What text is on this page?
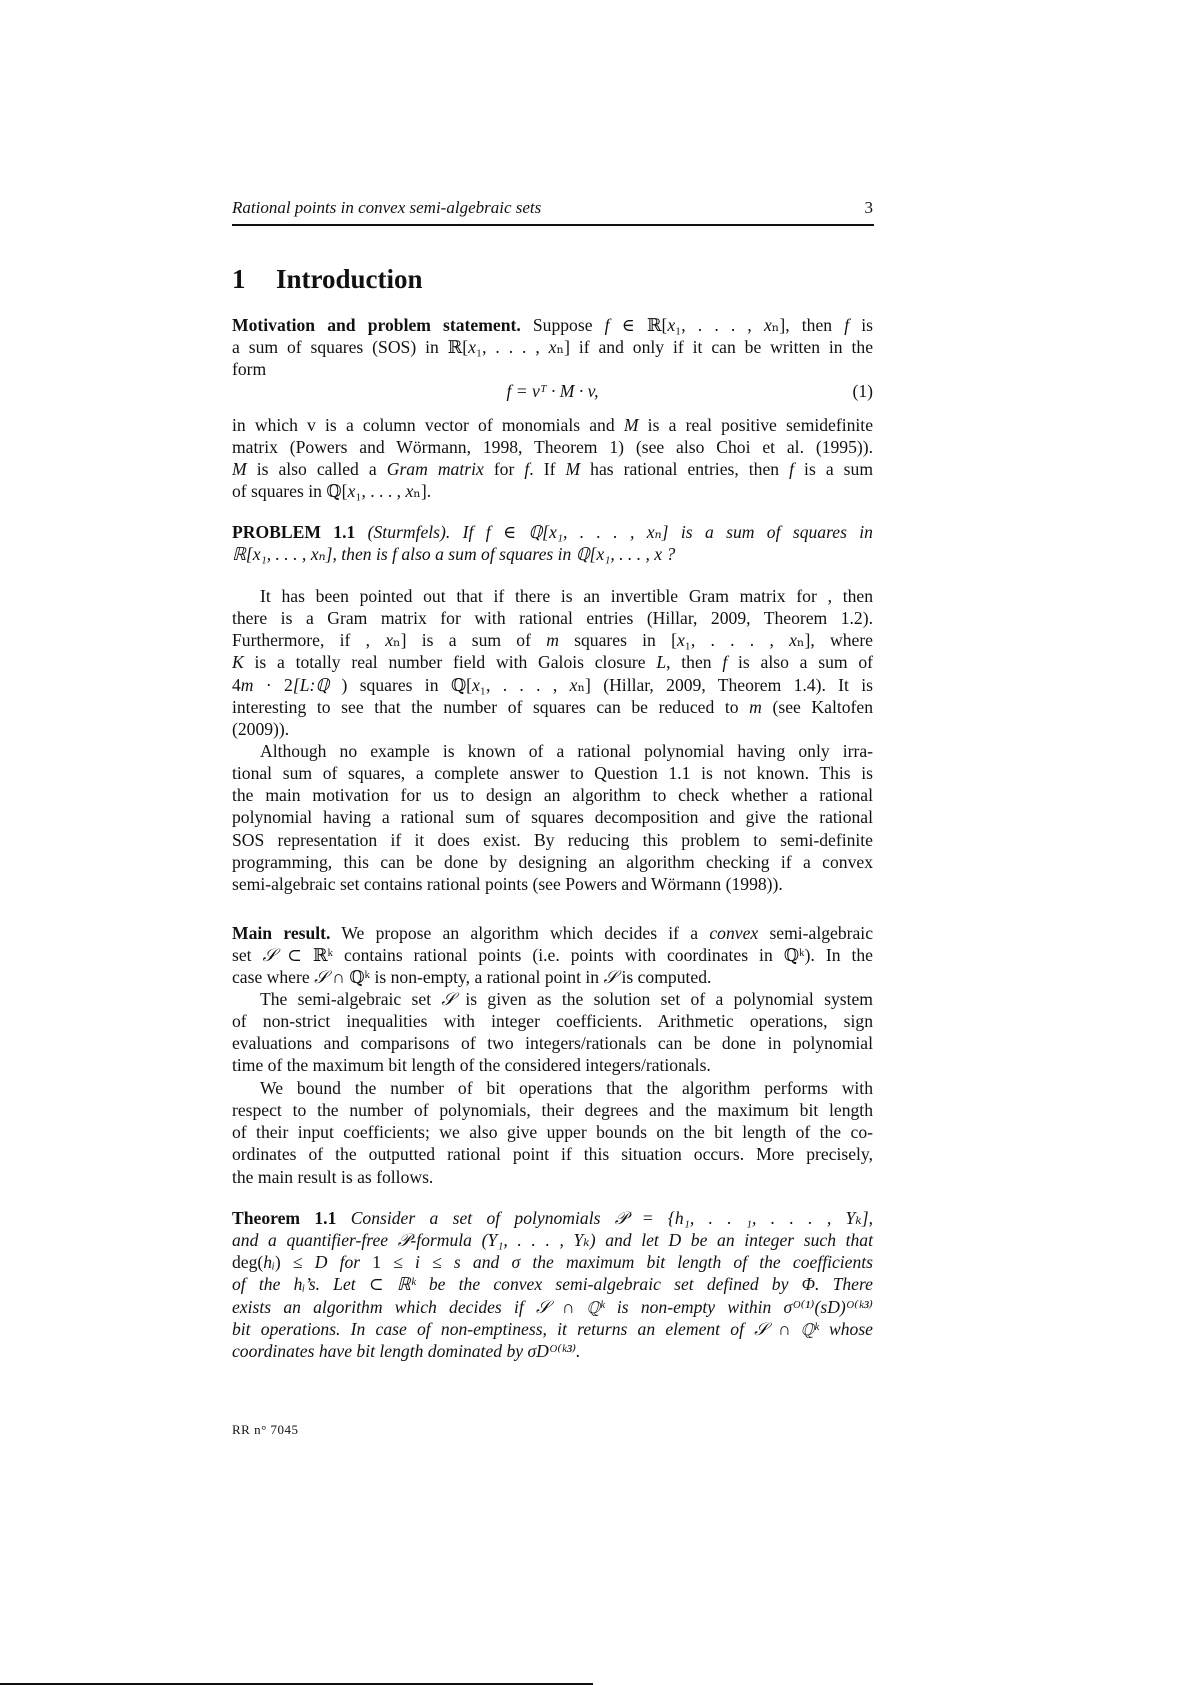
Rational points in convex semi-algebraic sets	3
1 Introduction
Motivation and problem statement. Suppose f ∈ ℝ[x₁, . . . , xₙ], then f is
a sum of squares (SOS) in ℝ[x₁, . . . , xₙ] if and only if it can be written in the
form
f = vᵀ · M · v,	(1)
in which v is a column vector of monomials and M is a real positive semidefinite
matrix (Powers and Wörmann, 1998, Theorem 1) (see also Choi et al. (1995)).
M is also called a Gram matrix for f. If M has rational entries, then f is a sum
of squares in ℚ[x₁, . . . , xₙ].
PROBLEM 1.1 (Sturmfels). If f ∈ ℚ[x₁, . . . , xₙ] is a sum of squares in
ℝ[x₁, . . . , xₙ], then is f also a sum of squares in ℚ[x₁, . . . , x ?
It has been pointed out that if there is an invertible Gram matrix for , then
there is a Gram matrix for with rational entries (Hillar, 2009, Theorem 1.2).
Furthermore, if , xₙ] is a sum of m squares in [x₁, . . . , xₙ], where
K is a totally real number field with Galois closure L, then f is also a sum of
4m · 2[L:ℚ ) squares in ℚ[x₁, . . . , xₙ] (Hillar, 2009, Theorem 1.4). It is
interesting to see that the number of squares can be reduced to m (see Kaltofen
(2009)).
Although no example is known of a rational polynomial having only irra-
tional sum of squares, a complete answer to Question 1.1 is not known. This is
the main motivation for us to design an algorithm to check whether a rational
polynomial having a rational sum of squares decomposition and give the rational
SOS representation if it does exist. By reducing this problem to semi-definite
programming, this can be done by designing an algorithm checking if a convex
semi-algebraic set contains rational points (see Powers and Wörmann (1998)).
Main result. We propose an algorithm which decides if a convex semi-algebraic
set 𝒮 ⊂ ℝᵏ contains rational points (i.e. points with coordinates in ℚᵏ). In the
case where 𝒮 ∩ ℚᵏ is non-empty, a rational point in 𝒮 is computed.
The semi-algebraic set 𝒮 is given as the solution set of a polynomial system
of non-strict inequalities with integer coefficients. Arithmetic operations, sign
evaluations and comparisons of two integers/rationals can be done in polynomial
time of the maximum bit length of the considered integers/rationals.
We bound the number of bit operations that the algorithm performs with
respect to the number of polynomials, their degrees and the maximum bit length
of their input coefficients; we also give upper bounds on the bit length of the co-
ordinates of the outputted rational point if this situation occurs. More precisely,
the main result is as follows.
Theorem 1.1 Consider a set of polynomials 𝒫 = {h₁, . . ₁, . . . , Yₖ],
and a quantifier-free 𝒫-formula (Y₁, . . . , Yₖ) and let D be an integer such that
deg(hᵢ) ≤ D for 1 ≤ i ≤ s and σ the maximum bit length of the coefficients
of the hᵢ’s. Let ⊂ ℝᵏ be the convex semi-algebraic set defined by Φ. There
exists an algorithm which decides if 𝒮 ∩ ℚᵏ is non-empty within σᴼ⁽¹⁾(sD)ᴼ⁽ᵏ³⁾
bit operations. In case of non-emptiness, it returns an element of 𝒮 ∩ ℚᵏ whose
coordinates have bit length dominated by σDᴼ⁽ᵏ³⁾.
RR n° 7045
